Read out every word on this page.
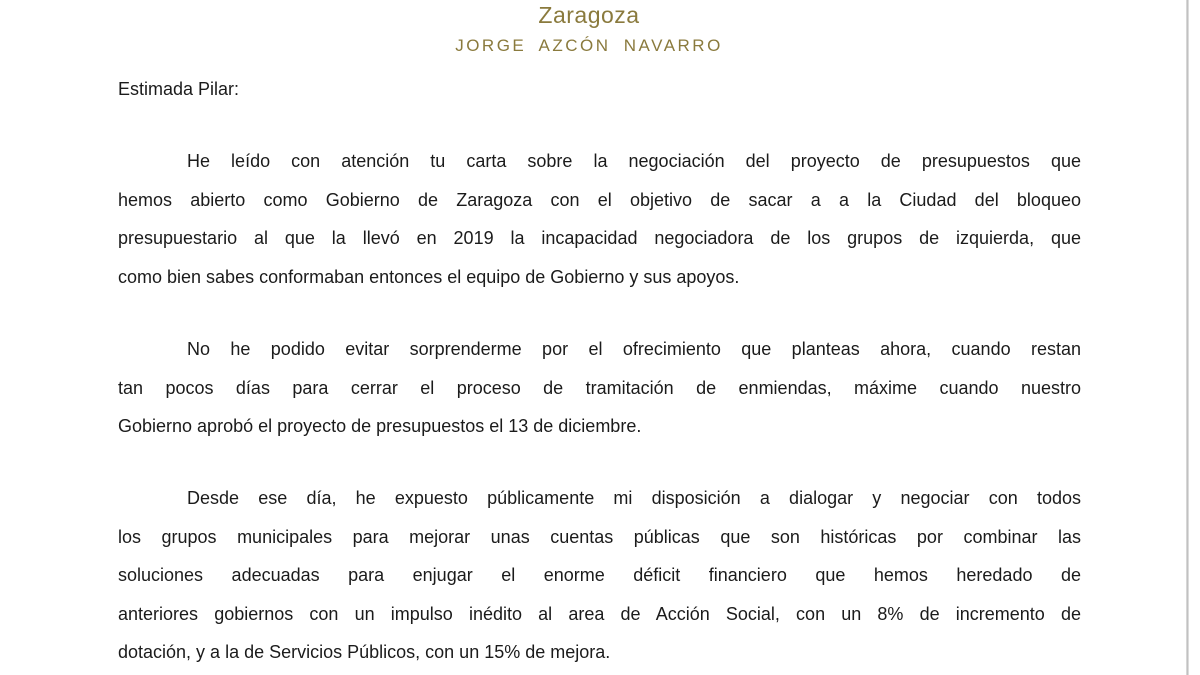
Zaragoza
JORGE AZCÓN NAVARRO
Estimada Pilar:

He leído con atención tu carta sobre la negociación del proyecto de presupuestos que
hemos abierto como Gobierno de Zaragoza con el objetivo de sacar a a la Ciudad del bloqueo
presupuestario al que la llevó en 2019 la incapacidad negociadora de los grupos de izquierda, que
como bien sabes conformaban entonces el equipo de Gobierno y sus apoyos.

No he podido evitar sorprenderme por el ofrecimiento que planteas ahora, cuando restan
tan pocos días para cerrar el proceso de tramitación de enmiendas, máxime cuando nuestro
Gobierno aprobó el proyecto de presupuestos el 13 de diciembre.

Desde ese día, he expuesto públicamente mi disposición a dialogar y negociar con todos
los grupos municipales para mejorar unas cuentas públicas que son históricas por combinar las
soluciones adecuadas para enjugar el enorme déficit financiero que hemos heredado de
anteriores gobiernos con un impulso inédito al area de Acción Social, con un 8% de incremento de
dotación, y a la de Servicios Públicos, con un 15% de mejora.
